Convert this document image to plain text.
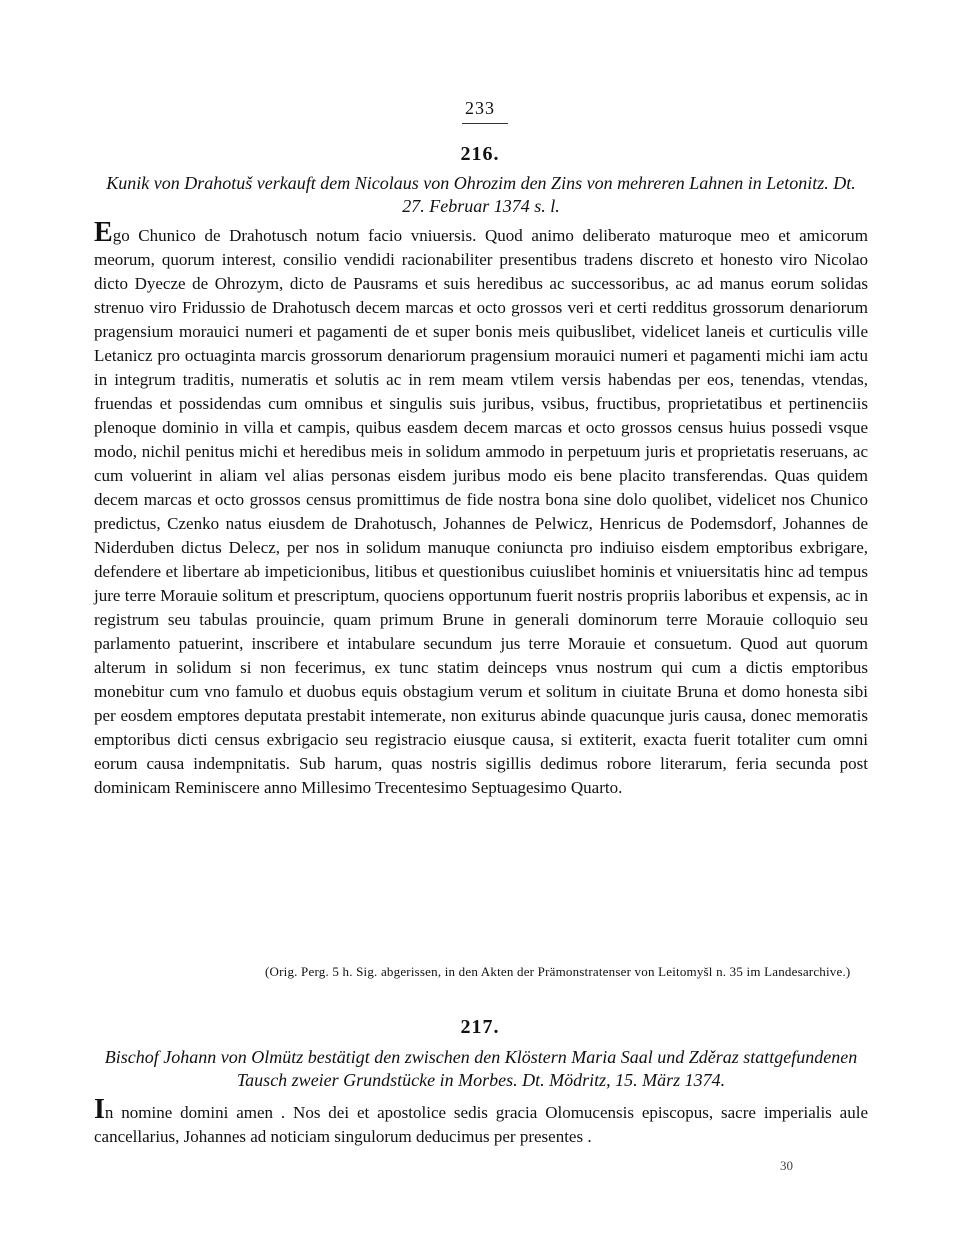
233
216.
Kunik von Drahotuš verkauft dem Nicolaus von Ohrozim den Zins von mehreren Lahnen in Letonitz. Dt. 27. Februar 1374 s. l.
Ego Chunico de Drahotusch notum facio vniuersis. Quod animo deliberato maturoque meo et amicorum meorum, quorum interest, consilio vendidi racionabiliter presentibus tradens discreto et honesto viro Nicolao dicto Dyecze de Ohrozym, dicto de Pausrams et suis heredibus ac successoribus, ac ad manus eorum solidas strenuo viro Fridussio de Drahotusch decem marcas et octo grossos veri et certi redditus grossorum denariorum pragensium morauici numeri et pagamenti de et super bonis meis quibuslibet, videlicet laneis et curticulis ville Letanicz pro octuaginta marcis grossorum denariorum pragensium morauici numeri et pagamenti michi iam actu in integrum traditis, numeratis et solutis ac in rem meam vtilem versis habendas per eos, tenendas, vtendas, fruendas et possidendas cum omnibus et singulis suis juribus, vsibus, fructibus, proprietatibus et pertinenciis plenoque dominio in villa et campis, quibus easdem decem marcas et octo grossos census huius possedi vsque modo, nichil penitus michi et heredibus meis in solidum ammodo in perpetuum juris et proprietatis reseruans, ac cum voluerint in aliam vel alias personas eisdem juribus modo eis bene placito transferendas. Quas quidem decem marcas et octo grossos census promittimus de fide nostra bona sine dolo quolibet, videlicet nos Chunico predictus, Czenko natus eiusdem de Drahotusch, Johannes de Pelwicz, Henricus de Podemsdorf, Johannes de Niderduben dictus Delecz, per nos in solidum manuque coniuncta pro indiuiso eisdem emptoribus exbrigare, defendere et libertare ab impeticionibus, litibus et questionibus cuiuslibet hominis et vniuersitatis hinc ad tempus jure terre Morauie solitum et prescriptum, quociens opportunum fuerit nostris propriis laboribus et expensis, ac in registrum seu tabulas prouincie, quam primum Brune in generali dominorum terre Morauie colloquio seu parlamento patuerint, inscribere et intabulare secundum jus terre Morauie et consuetum. Quod aut quorum alterum in solidum si non fecerimus, ex tunc statim deinceps vnus nostrum qui cum a dictis emptoribus monebitur cum vno famulo et duobus equis obstagium verum et solitum in ciuitate Bruna et domo honesta sibi per eosdem emptores deputata prestabit intemerate, non exiturus abinde quacunque juris causa, donec memoratis emptoribus dicti census exbrigacio seu registracio eiusque causa, si extiterit, exacta fuerit totaliter cum omni eorum causa indempnitatis. Sub harum, quas nostris sigillis dedimus robore literarum, feria secunda post dominicam Reminiscere anno Millesimo Trecentesimo Septuagesimo Quarto.
(Orig. Perg. 5 h. Sig. abgerissen, in den Akten der Prämonstratenser von Leitomyšl n. 35 im Landesarchive.)
217.
Bischof Johann von Olmütz bestätigt den zwischen den Klöstern Maria Saal und Zděraz stattgefundenen Tausch zweier Grundstücke in Morbes. Dt. Mödritz, 15. März 1374.
In nomine domini amen . Nos dei et apostolice sedis gracia Olomucensis episcopus, sacre imperialis aule cancellarius, Johannes ad noticiam singulorum deducimus per presentes .
30
